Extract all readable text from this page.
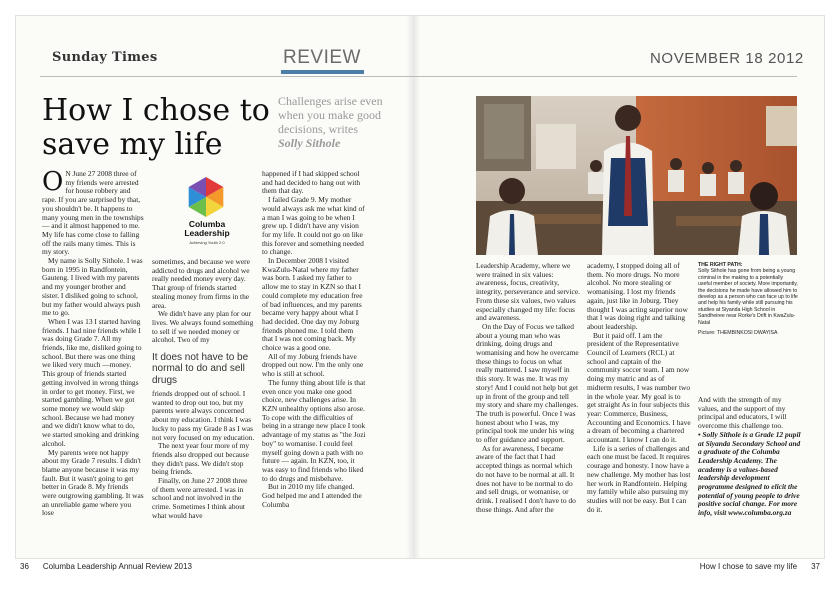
Sunday Times	REVIEW	NOVEMBER 18 2012
How I chose to save my life
Challenges arise even when you make good decisions, writes
Solly Sithole

O N June 27 2008 three of my friends were arrested for house robbery and rape. If you are surprised by that, you shouldn't be. It happens to many young men in the townships — and it almost happened to me. My life has come close to falling off the rails many times. This is my story.

My name is Solly Sithole. I was born in 1995 in Randfontein, Gauteng. I lived with my parents and my younger brother and sister. I disliked going to school, but my father would always push me to go.

When I was 13 I started having friends. I had nine friends while I was doing Grade 7. All my friends, like me, disliked going to school. But there was one thing we liked very much —money. This group of friends started getting involved in wrong things in order to get money. First, we started gambling. When we got some money we would skip school. Because we had money and we didn't know what to do, we started smoking and drinking alcohol.

My parents were not happy about my Grade 7 results. I didn't blame anyone because it was my fault. But it wasn't going to get better in Grade 8. My friends were outgrowing gambling. It was an unreliable game where you lose

Columba Leadership
Achieving Youth 2.0

sometimes, and because we were addicted to drugs and alcohol we really needed money every day. That group of friends started stealing money from firms in the area.

We didn't have any plan for our lives. We always found something to sell if we needed money or alcohol. Two of my

It does not have to be normal to do and sell drugs

friends dropped out of school. I wanted to drop out too, but my parents were always concerned about my education. I think I was lucky to pass my Grade 8 as I was not very focused on my education.

The next year four more of my friends also dropped out because they didn't pass. We didn't stop being friends.

Finally, on June 27 2008 three of them were arrested. I was in school and not involved in the crime. Sometimes I think about what would have

happened if I had skipped school and had decided to hang out with them that day.

I failed Grade 9. My mother would always ask me what kind of a man I was going to be when I grew up. I didn't have any vision for my life. It could not go on like this forever and something needed to change.

In December 2008 I visited KwaZulu-Natal where my father was born. I asked my father to allow me to stay in KZN so that I could complete my education free of bad influences, and my parents became very happy about what I had decided. One day my Joburg friends phoned me. I told them that I was not coming back. My choice was a good one.

All of my Joburg friends have dropped out now. I'm the only one who is still at school.

The funny thing about life is that even once you make one good choice, new challenges arise. In KZN unhealthy options also arose. To cope with the difficulties of being in a strange new place I took advantage of my status as "the Jozi boy" to womanise. I could feel myself going down a path with no future — again. In KZN, too, it was easy to find friends who liked to do drugs and misbehave.

But in 2010 my life changed. God helped me and I attended the Columba

Leadership Academy, where we were trained in six values: awareness, focus, creativity, integrity, perseverance and service. From these six values, two values especially changed my life: focus and awareness.

On the Day of Focus we talked about a young man who was drinking, doing drugs and womanising and how he overcame these things to focus on what really mattered. I saw myself in this story. It was me. It was my story! And I could not help but get up in front of the group and tell my story and share my challenges. The truth is powerful. Once I was honest about who I was, my principal took me under his wing to offer guidance and support.

As for awareness, I became aware of the fact that I had accepted things as normal which do not have to be normal at all. It does not have to be normal to do and sell drugs, or womanise, or drink. I realised I don't have to do those things. And after the

academy, I stopped doing all of them. No more drugs. No more alcohol. No more stealing or womanising. I lost my friends again, just like in Joburg. They thought I was acting superior now that I was doing right and talking about leadership.

But it paid off. I am the president of the Representative Council of Learners (RCL) at school and captain of the community soccer team. I am now doing my matric and as of midterm results, I was number two in the whole year. My goal is to get straight As in four subjects this year: Commerce, Business, Accounting and Economics. I have a dream of becoming a chartered accountant. I know I can do it.

Life is a series of challenges and each one must be faced. It requires courage and honesty. I now have a new challenge. My mother has lost her work in Randfontein. Helping my family while also pursuing my studies will not be easy. But I can do it.

THE RIGHT PATH:
Solly Sithole has gone from being a young criminal in the making to a potentially useful member of society. More importantly, the decisions he made have allowed him to develop as a person who can face up to life and help his family while still pursuing his studies at Siyanda High School in Sandfreiree near Rorke's Drift in KwaZulu-Natal
Picture: THEMBINKOSI DWAYISA

And with the strength of my values, and the support of my principal and educators, I will overcome this challenge too.

• Solly Sithole is a Grade 12 pupil at Siyanda Secondary School and a graduate of the Columba Leadership Academy. The academy is a values-based leadership development programme designed to elicit the potential of young people to drive positive social change. For more info, visit www.columba.org.za

36 Columba Leadership Annual Review 2013	How I chose to save my life 37
